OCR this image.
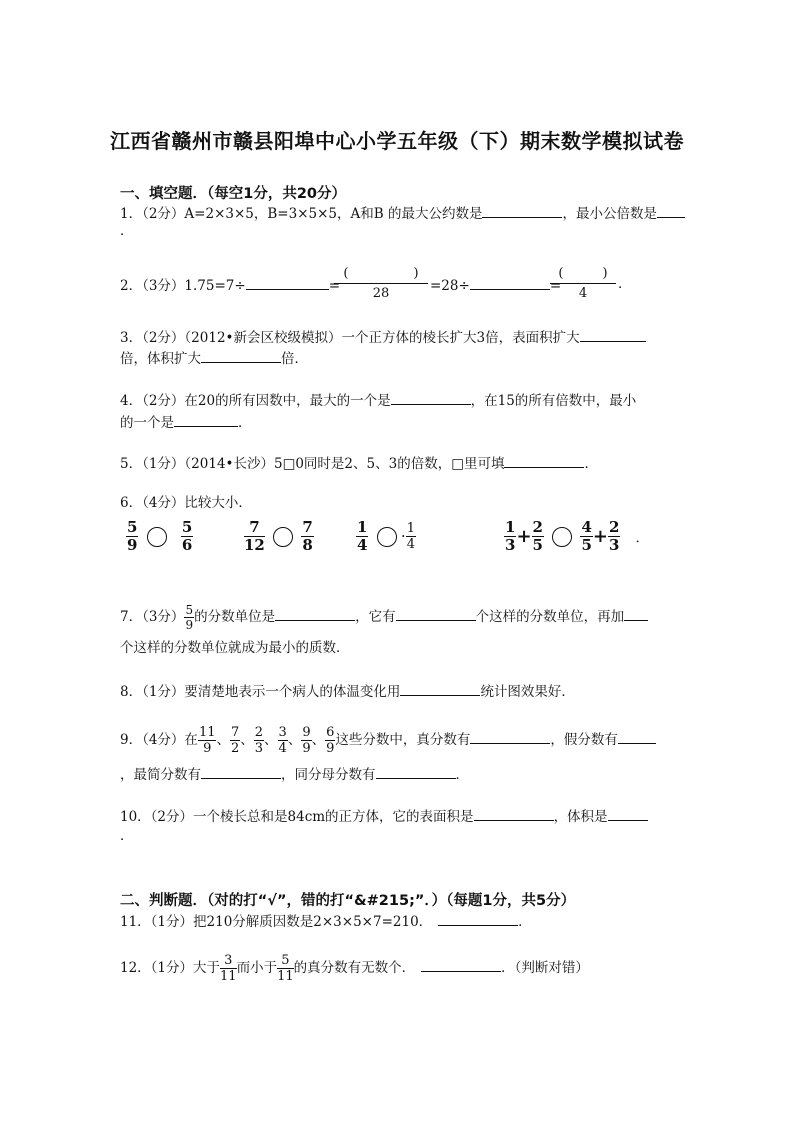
江西省赣州市赣县阳埠中心小学五年级（下）期末数学模拟试卷
一、填空题．（每空1分，共20分）
1．（2分）A=2×3×5，B=3×5×5，A和B 的最大公约数是	，最小公倍数是
．
2．（3分）1.75=7÷	=
(　　　　　)
28	=28÷	=
(　　　)
4
．
3．（2分）（2012•新会区校级模拟）一个正方体的棱长扩大3倍，表面积扩大
倍，体积扩大	倍．
4．（2分）在20的所有因数中，最大的一个是	，在15的所有倍数中，最小
的一个是	．
5．（1分）（2014•长沙）5□0同时是2、5、3的倍数，□里可填	．
6．（4分）比较大小．
$\frac{5}{9}$
	$\frac{5}{6}$	$\frac{7}{12}$
$\frac{7}{8}$	$\frac{1}{4} \cdot \frac{1}{4}$	$\frac{1}{3} + \frac{2}{5}$
$\frac{4}{5} + \frac{2}{3}$ ．
7．（3分） $\frac{5}{9}$ 的分数单位是	，它有	个这样的分数单位，再加
个这样的分数单位就成为最小的质数．
8．（1分）要清楚地表示一个病人的体温变化用	统计图效果好．
9．（4分）在 $\frac{11}{9}$ 、 $\frac{7}{2}$ 、 $\frac{2}{3}$ 、 $\frac{3}{4}$ 、 $\frac{9}{9}$ 、 $\frac{6}{9}$ 这些分数中，真分数有	，假分数有
，最简分数有	，同分母分数有	．
10．（2分）一个棱长总和是84cm的正方体，它的表面积是	，体积是
．
二、判断题．（对的打“√”，错的打“&#215;”．）（每题1分，共5分）
11．（1分）把210分解质因数是2×3×5×7=210．	．
12．（1分）大于 $\frac{3}{11}$ 而小于 $\frac{5}{11}$ 的真分数有无数个．	．（判断对错）
